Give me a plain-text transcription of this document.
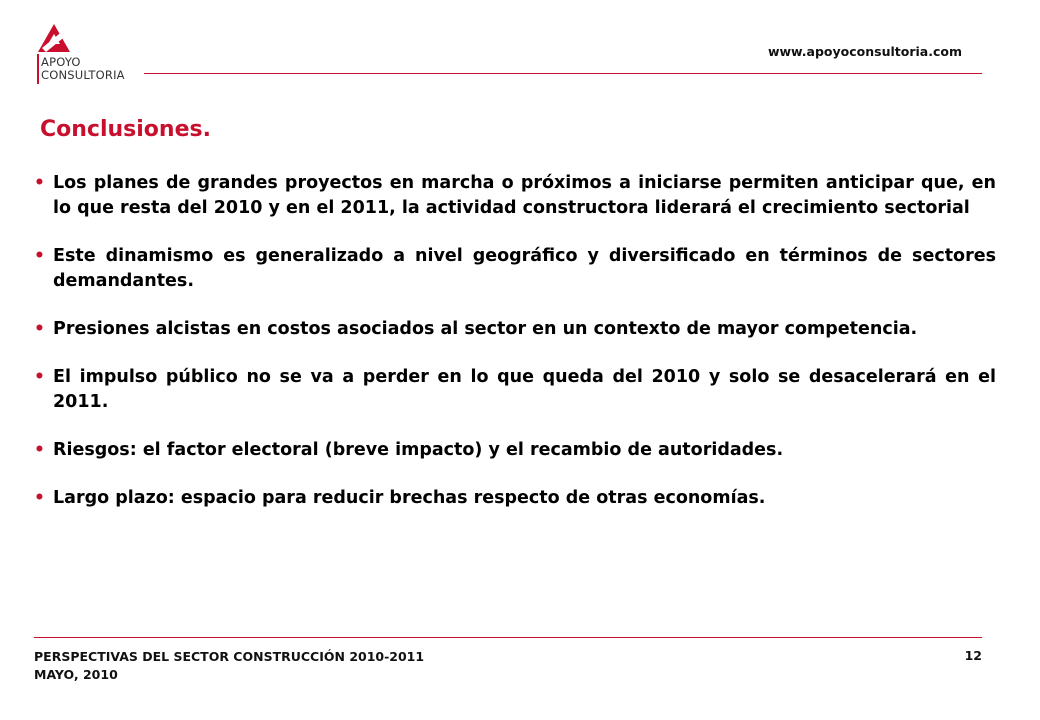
APOYO
CONSULTORIA
www.apoyoconsultoria.com
Conclusiones.
• Los planes de grandes proyectos en marcha o próximos a iniciarse permiten anticipar que, en lo que resta del 2010 y en el 2011, la actividad constructora liderará el crecimiento sectorial
• Este dinamismo es generalizado a nivel geográfico y diversificado en términos de sectores demandantes.
• Presiones alcistas en costos asociados al sector en un contexto de mayor competencia.
• El impulso público no se va a perder en lo que queda del 2010 y solo se desacelerará en el 2011.
• Riesgos: el factor electoral (breve impacto) y el recambio de autoridades.
• Largo plazo: espacio para reducir brechas respecto de otras economías.
PERSPECTIVAS DEL SECTOR CONSTRUCCIÓN 2010-2011
MAYO, 2010
12
